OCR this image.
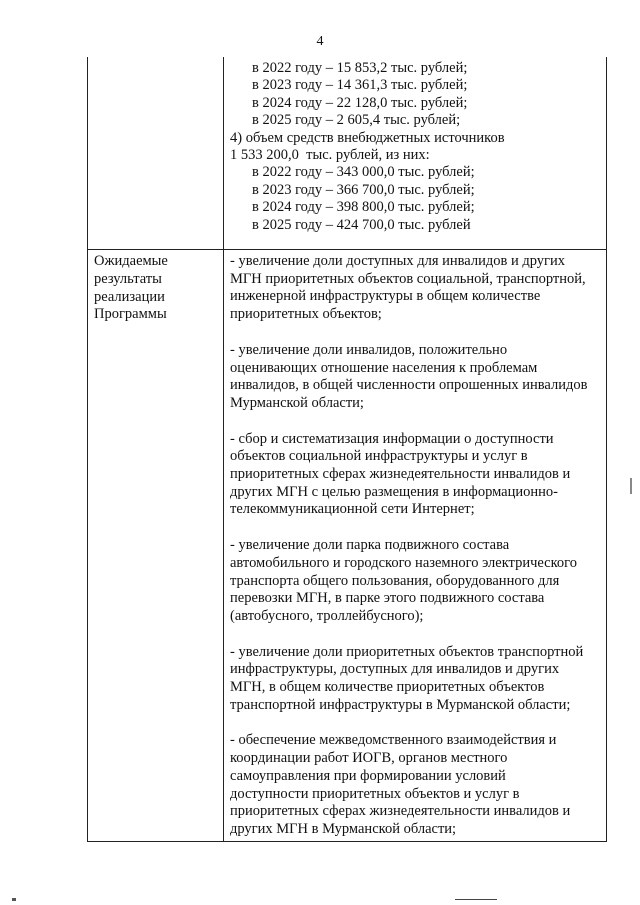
4
в 2022 году – 15 853,2 тыс. рублей;
в 2023 году – 14 361,3 тыс. рублей;
в 2024 году – 22 128,0 тыс. рублей;
в 2025 году – 2 605,4 тыс. рублей;
4) объем средств внебюджетных источников
1 533 200,0  тыс. рублей, из них:
в 2022 году – 343 000,0 тыс. рублей;
в 2023 году – 366 700,0 тыс. рублей;
в 2024 году – 398 800,0 тыс. рублей;
в 2025 году – 424 700,0 тыс. рублей
Ожидаемые
результаты
реализации
Программы
- увеличение доли доступных для инвалидов и других
МГН приоритетных объектов социальной, транспортной,
инженерной инфраструктуры в общем количестве
приоритетных объектов;
- увеличение доли инвалидов, положительно
оценивающих отношение населения к проблемам
инвалидов, в общей численности опрошенных инвалидов
Мурманской области;
- сбор и систематизация информации о доступности
объектов социальной инфраструктуры и услуг в
приоритетных сферах жизнедеятельности инвалидов и
других МГН с целью размещения в информационно-
телекоммуникационной сети Интернет;
- увеличение доли парка подвижного состава
автомобильного и городского наземного электрического
транспорта общего пользования, оборудованного для
перевозки МГН, в парке этого подвижного состава
(автобусного, троллейбусного);
- увеличение доли приоритетных объектов транспортной
инфраструктуры, доступных для инвалидов и других
МГН, в общем количестве приоритетных объектов
транспортной инфраструктуры в Мурманской области;
- обеспечение межведомственного взаимодействия и
координации работ ИОГВ, органов местного
самоуправления при формировании условий
доступности приоритетных объектов и услуг в
приоритетных сферах жизнедеятельности инвалидов и
других МГН в Мурманской области;
